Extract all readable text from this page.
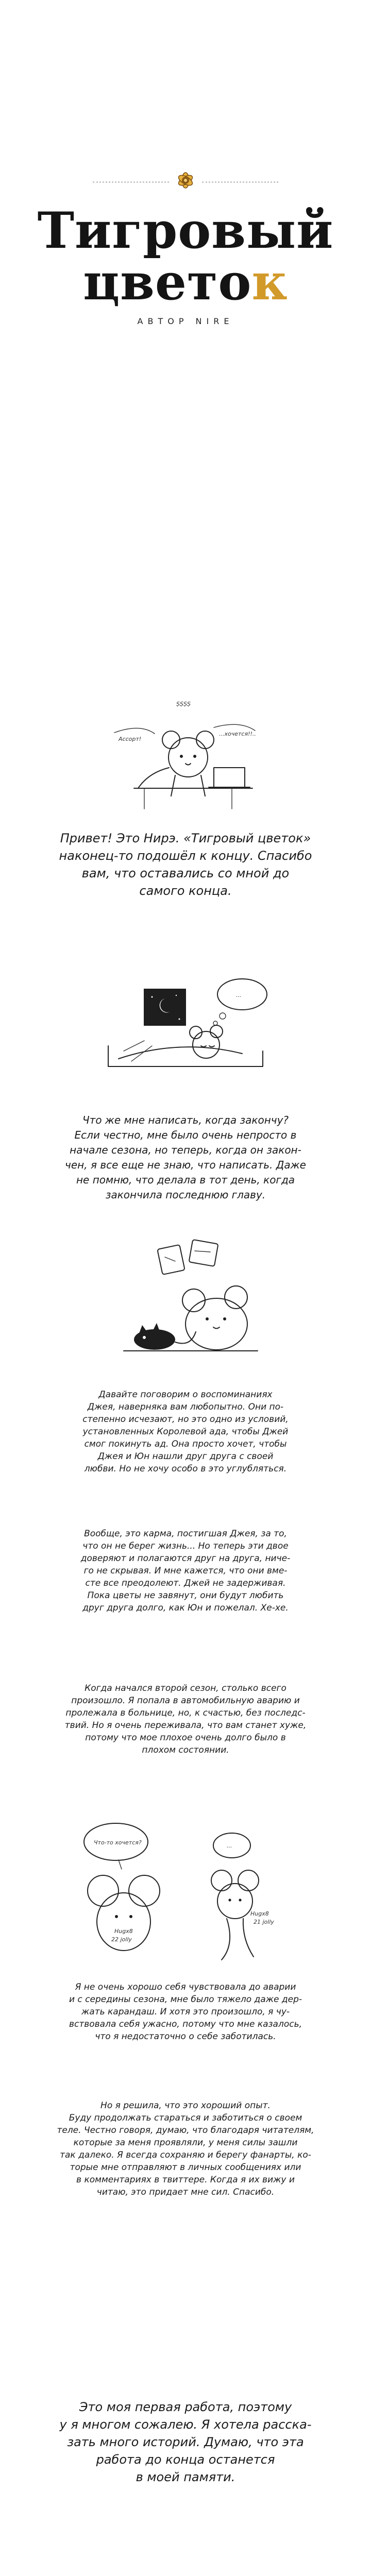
Тигровый
цветок
АВТОР NIRE
Ассорт!
...хочется!!..
ṢṢṢṢ
Привет! Это Нирэ. «Тигровый цветок»
наконец-то подошёл к концу. Спасибо
вам, что оставались со мной до
самого конца.
...
Что же мне написать, когда закончу?
Если честно, мне было очень непросто в
начале сезона, но теперь, когда он закон-
чен, я все еще не знаю, что написать. Даже
не помню, что делала в тот день, когда
закончила последнюю главу.
Давайте поговорим о воспоминаниях
Джея, наверняка вам любопытно. Они по-
степенно исчезают, но это одно из условий,
установленных Королевой ада, чтобы Джей
смог покинуть ад. Она просто хочет, чтобы
Джея и Юн нашли друг друга с своей
любви. Но не хочу особо в это углубляться.
Вообще, это карма, постигшая Джея, за то,
что он не берег жизнь... Но теперь эти двое
доверяют и полагаются друг на друга, ниче-
го не скрывая. И мне кажется, что они вме-
сте все преодолеют. Джей не задерживая.
Пока цветы не завянут, они будут любить
друг друга долго, как Юн и пожелал. Хе-хе.
Когда начался второй сезон, столько всего
произошло. Я попала в автомобильную аварию и
пролежала в больнице, но, к счастью, без последс-
твий. Но я очень переживала, что вам станет хуже,
потому что мое плохое очень долго было в
плохом состоянии.
Что-то хочется?	...
Hugx8
22 jolly
Hugx8
21 jolly
Я не очень хорошо себя чувствовала до аварии
и с середины сезона, мне было тяжело даже дер-
жать карандаш. И хотя это произошло, я чу-
вствовала себя ужасно, потому что мне казалось,
что я недостаточно о себе заботилась.
Но я решила, что это хороший опыт.
Буду продолжать стараться и заботиться о своем
теле. Честно говоря, думаю, что благодаря читателям,
которые за меня проявляли, у меня силы зашли
так далеко. Я всегда сохраняю и берегу фанарты, ко-
торые мне отправляют в личных сообщениях или
в комментариях в твиттере. Когда я их вижу и
читаю, это придает мне сил. Спасибо.
Это моя первая работа, поэтому
у я многом сожалею. Я хотела расска-
зать много историй. Думаю, что эта
работа до конца останется
в моей памяти.
